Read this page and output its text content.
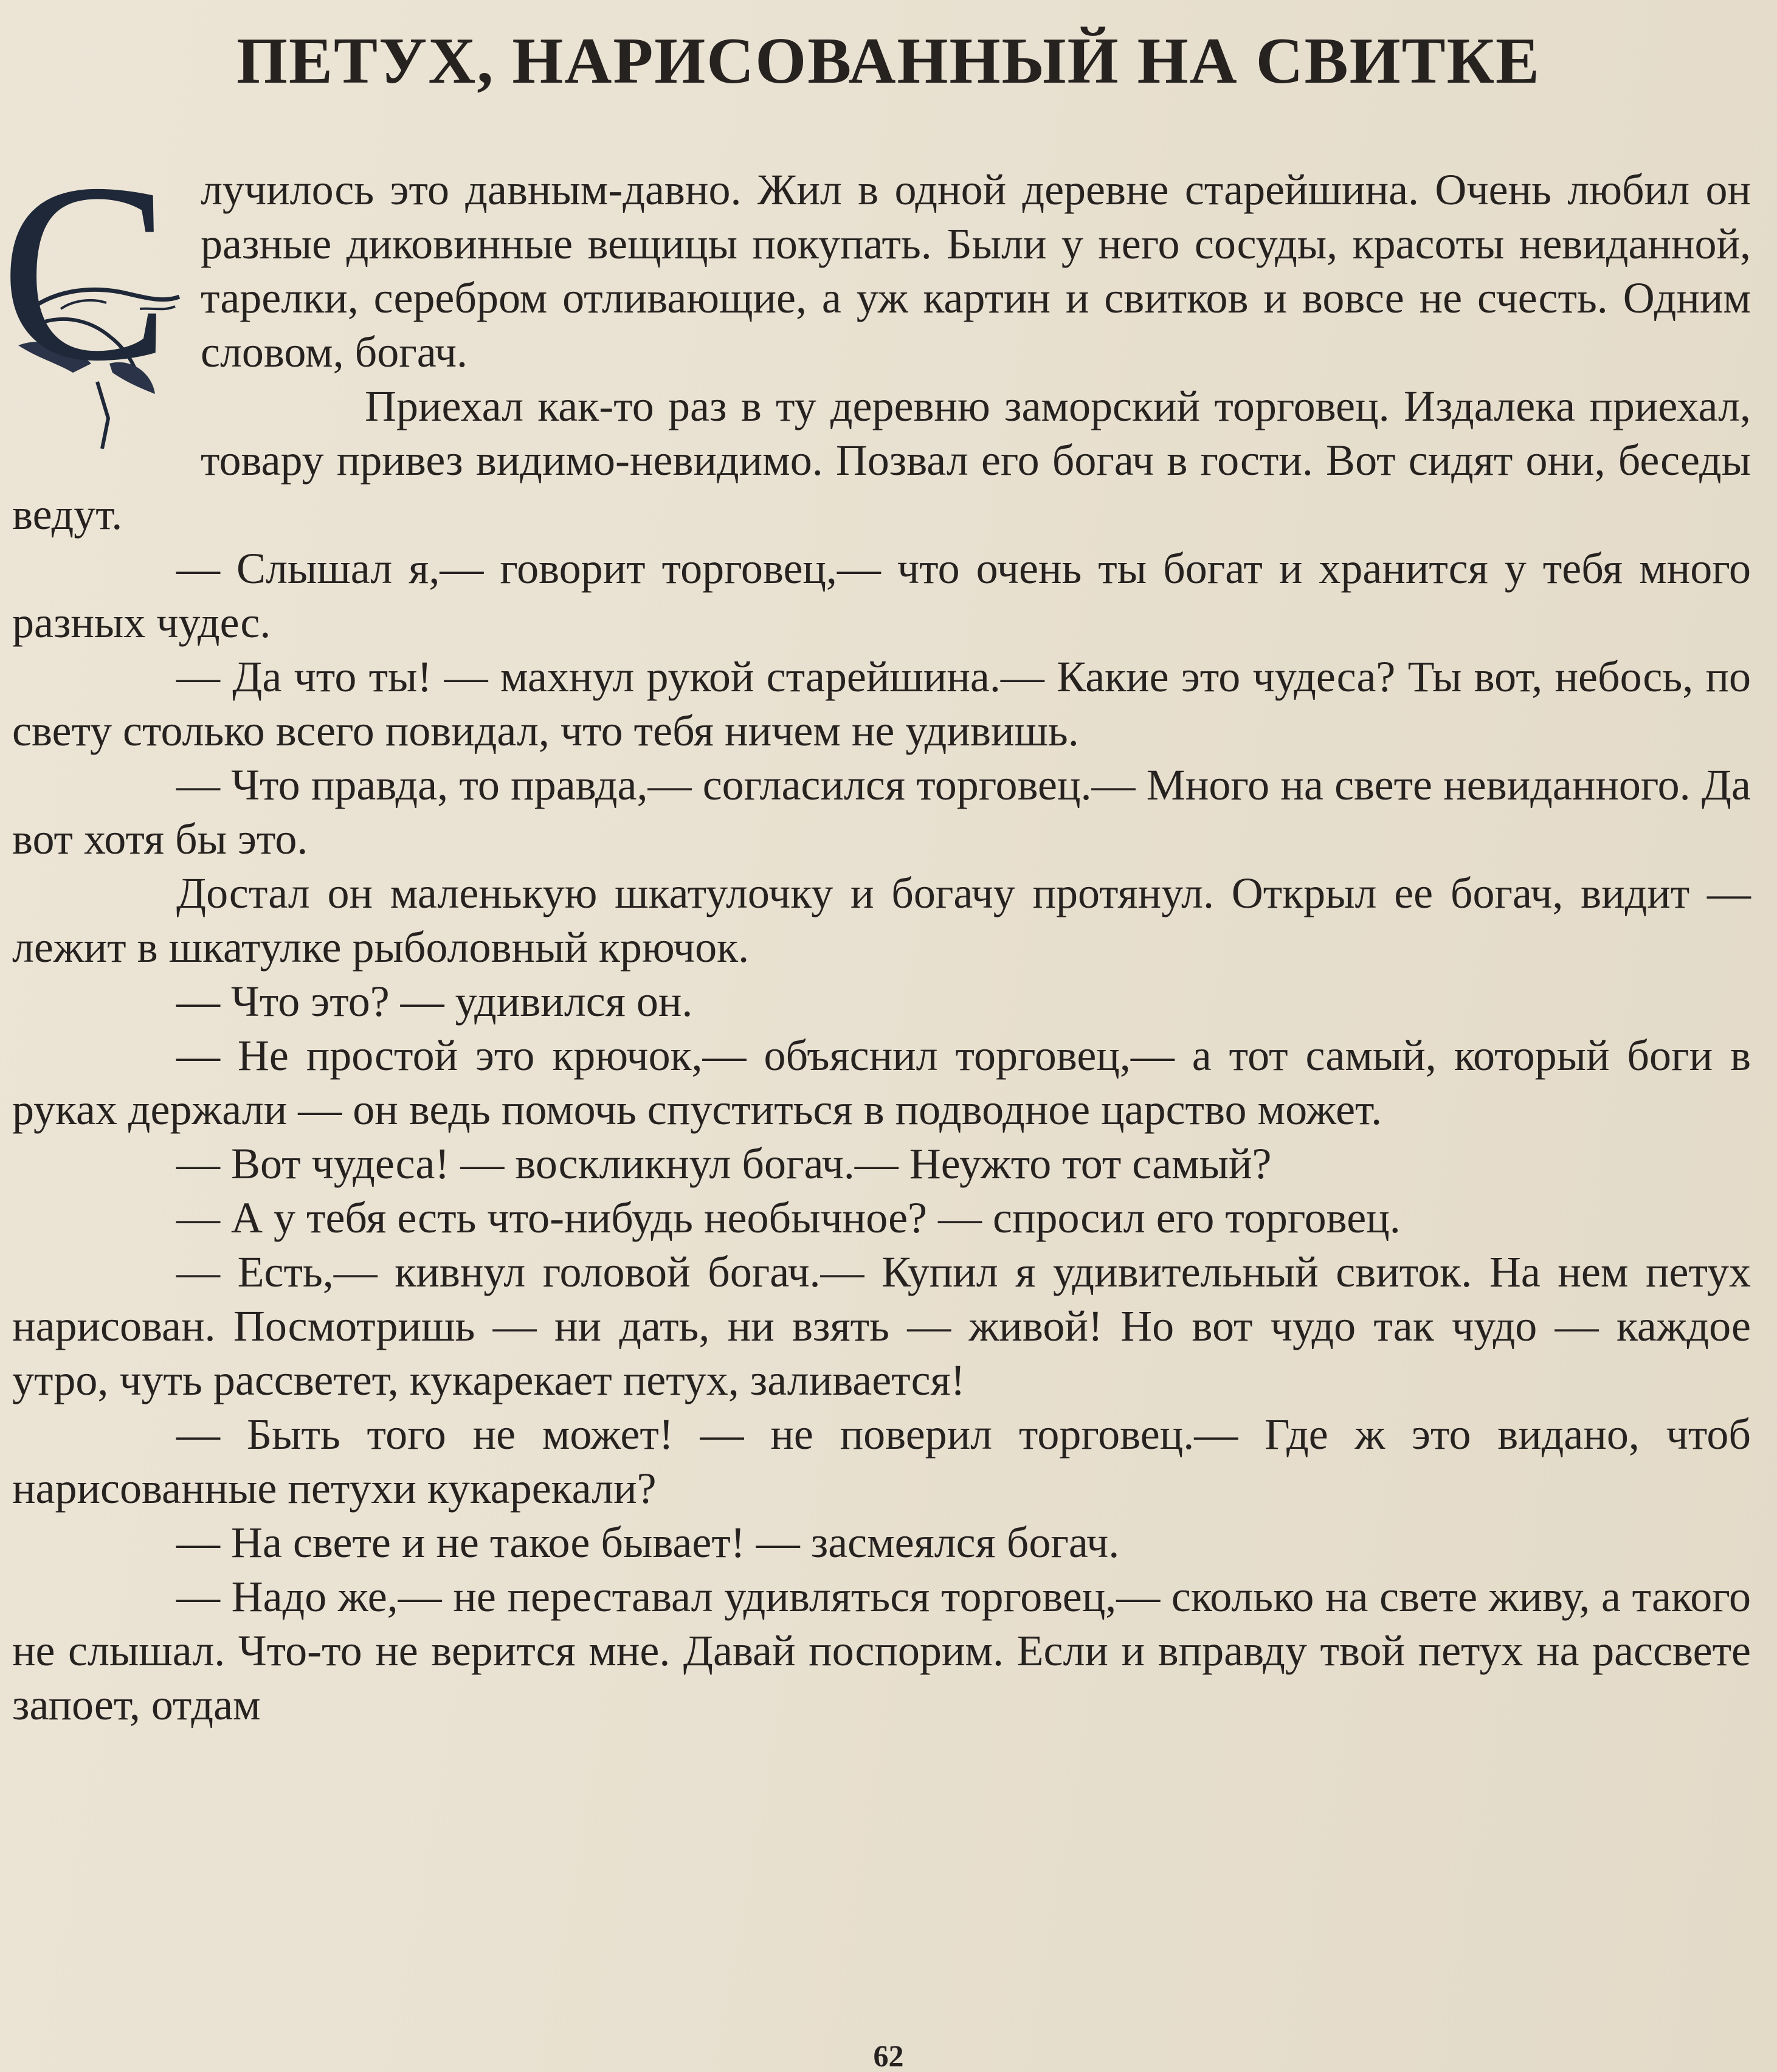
ПЕТУХ, НАРИСОВАННЫЙ НА СВИТКЕ
С лучилось это давным-давно. Жил в одной деревне старейшина. Очень любил он разные диковинные вещицы покупать. Были у него сосуды, красоты невиданной, тарелки, серебром отливающие, а уж картин и свитков и вовсе не счесть. Одним словом, богач.

Приехал как-то раз в ту деревню заморский торговец. Издалека приехал, товару привез видимо-невидимо. Позвал его богач в гости. Вот сидят они, беседы ведут.

— Слышал я,— говорит торговец,— что очень ты богат и хранится у тебя много разных чудес.

— Да что ты! — махнул рукой старейшина.— Какие это чудеса? Ты вот, небось, по свету столько всего повидал, что тебя ничем не удивишь.

— Что правда, то правда,— согласился торговец.— Много на свете невиданного. Да вот хотя бы это.

Достал он маленькую шкатулочку и богачу протянул. Открыл ее богач, видит — лежит в шкатулке рыболовный крючок.

— Что это? — удивился он.

— Не простой это крючок,— объяснил торговец,— а тот самый, который боги в руках держали — он ведь помочь спуститься в подводное царство может.

— Вот чудеса! — воскликнул богач.— Неужто тот самый?

— А у тебя есть что-нибудь необычное? — спросил его торговец.

— Есть,— кивнул головой богач.— Купил я удивительный свиток. На нем петух нарисован. Посмотришь — ни дать, ни взять — живой! Но вот чудо так чудо — каждое утро, чуть рассветет, кукарекает петух, заливается!

— Быть того не может! — не поверил торговец.— Где ж это видано, чтоб нарисованные петухи кукарекали?

— На свете и не такое бывает! — засмеялся богач.

— Надо же,— не переставал удивляться торговец,— сколько на свете живу, а такого не слышал. Что-то не верится мне. Давай поспорим. Если и вправду твой петух на рассвете запоет, отдам

62
